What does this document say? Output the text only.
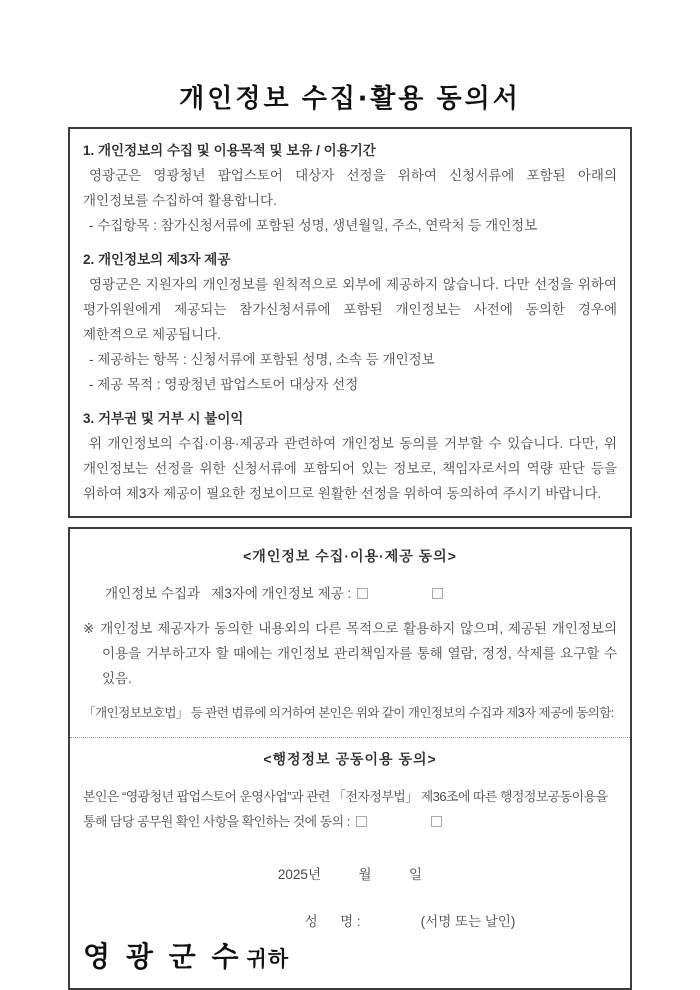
개인정보 수집‧활용 동의서
1. 개인정보의 수집 및 이용목적 및 보유 / 이용기간
영광군은 영광청년 팝업스토어 대상자 선정을 위하여 신청서류에 포함된 아래의 개인정보를 수집하여 활용합니다.
- 수집항목 : 참가신청서류에 포함된 성명, 생년월일, 주소, 연락처 등 개인정보
2. 개인정보의 제3자 제공
영광군은 지원자의 개인정보를 원칙적으로 외부에 제공하지 않습니다. 다만 선정을 위하여 평가위원에게 제공되는 참가신청서류에 포함된 개인정보는 사전에 동의한 경우에 제한적으로 제공됩니다.
- 제공하는 항목 : 신청서류에 포함된 성명, 소속 등 개인정보
- 제공 목적 : 영광청년 팝업스토어 대상자 선정
3. 거부권 및 거부 시 불이익
위 개인정보의 수집·이용·제공과 관련하여 개인정보 동의를 거부할 수 있습니다. 다만, 위 개인정보는 선정을 위한 신청서류에 포함되어 있는 정보로, 책임자로서의 역량 판단 등을 위하여 제3자 제공이 필요한 정보이므로 원활한 선정을 위하여 동의하여 주시기 바랍니다.
<개인정보 수집·이용·제공 동의>
개인정보 수집과   제3자에 개인정보 제공 :
※ 개인정보 제공자가 동의한 내용외의 다른 목적으로 활용하지 않으며, 제공된 개인정보의 이용을 거부하고자 할 때에는 개인정보 관리책임자를 통해 열람, 정정, 삭제를 요구할 수 있음.
「개인정보보호법」 등 관련 법류에 의거하여 본인은 위와 같이 개인정보의 수집과 제3자 제공에 동의함:
<행정정보 공동이용 동의>
본인은 “영광청년 팝업스토어 운영사업”과 관련 「전자정부법」 제36조에 따른 행정정보공동이용을 통해 담당 공무원 확인 사항을 확인하는 것에 동의 :
2025년          월          일
성      명 :                (서명 또는 날인)
영 광 군 수 귀하
